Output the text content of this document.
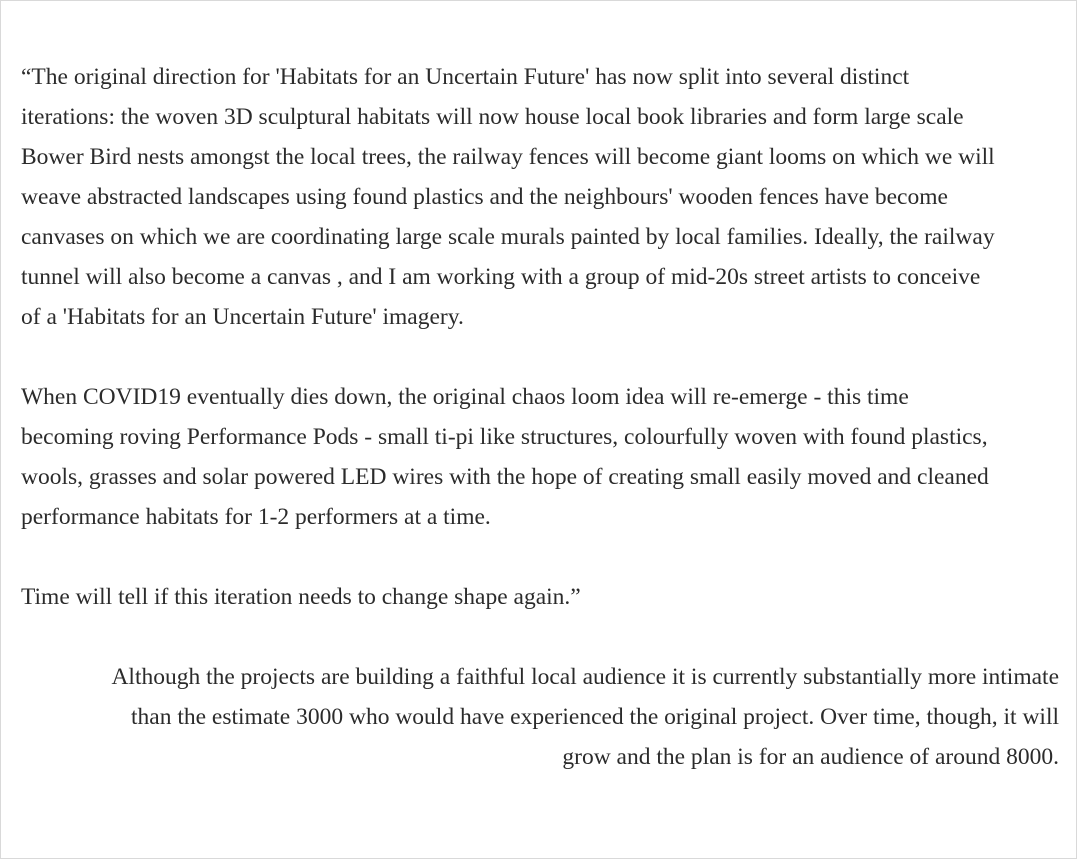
“The original direction for 'Habitats for an Uncertain Future' has now split into several distinct
iterations: the woven 3D sculptural habitats will now house local book libraries and form large scale
Bower Bird nests amongst the local trees, the railway fences will become giant looms on which we will
weave abstracted landscapes using found plastics and the neighbours' wooden fences have become
canvases on which we are coordinating large scale murals painted by local families. Ideally, the railway
tunnel will also become a canvas , and I am working with a group of mid-20s street artists to conceive
of a 'Habitats for an Uncertain Future' imagery.

When COVID19 eventually dies down, the original chaos loom idea will re-emerge - this time
becoming roving Performance Pods - small ti-pi like structures, colourfully woven with found plastics,
wools, grasses and solar powered LED wires with the hope of creating small easily moved and cleaned
performance habitats for 1-2 performers at a time.

Time will tell if this iteration needs to change shape again.”

Although the projects are building a faithful local audience it is currently substantially more intimate
than the estimate 3000 who would have experienced the original project. Over time, though, it will
grow and the plan is for an audience of around 8000.
